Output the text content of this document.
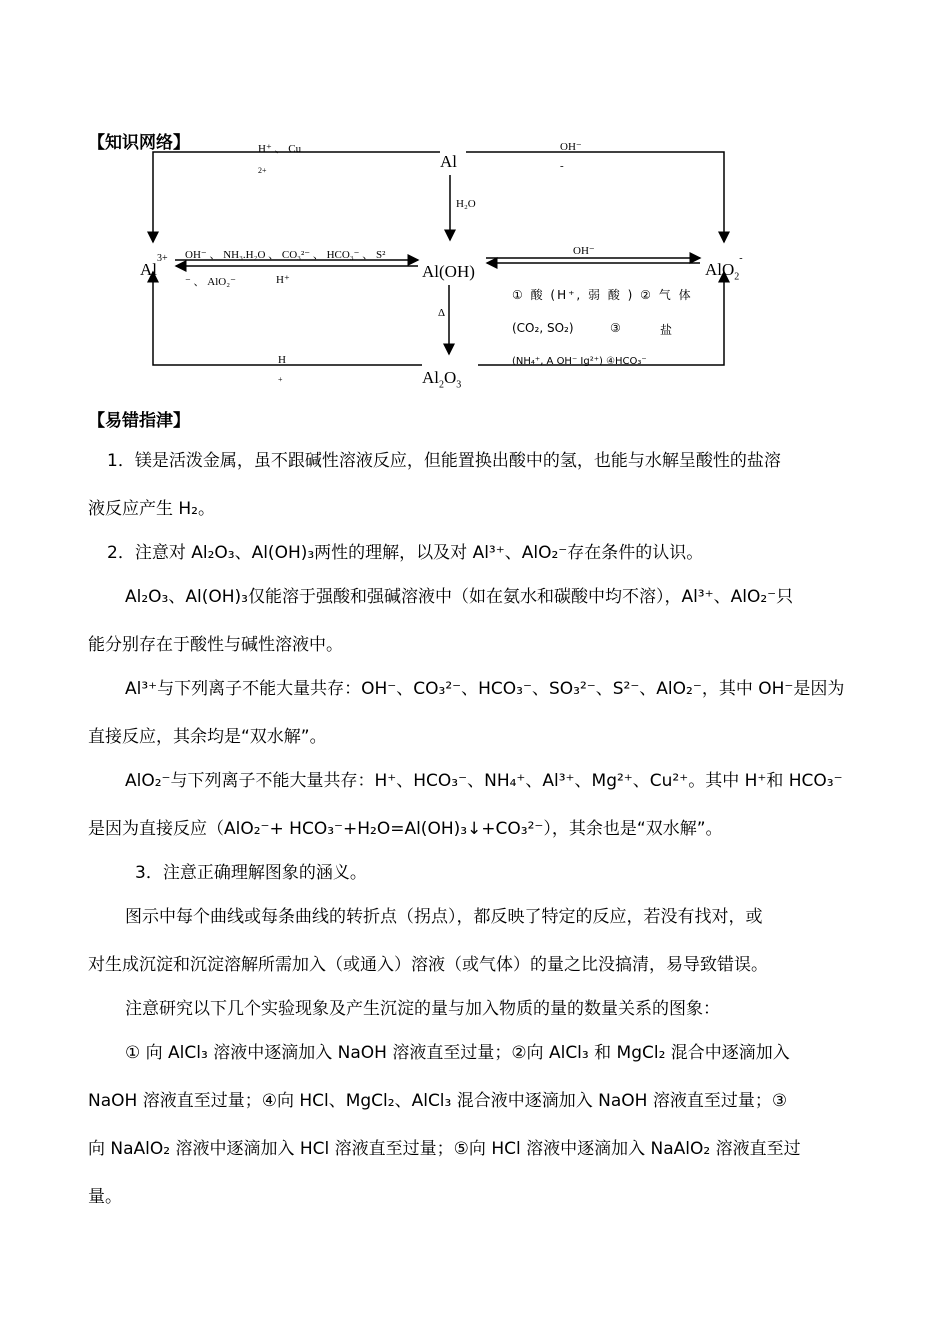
【知识网络】
Al
$Al^{3+}$
Al(OH)	AlO$_2$-
$Al_2O_3$
H⁺ 、 Cu
2+
OH⁻
-
H₂O
OH⁻ 、 NH₃.H₂O 、 CO₃²⁻ 、 HCO₃⁻ 、 S²
⁻ 、 AlO₂⁻	H⁺
OH⁻
Δ
① 酸 (H⁺, 弱 酸 ) ② 气 体
(CO₂, SO₂)	③	盐
(NH₄⁺, A OH⁻ Ig²⁺) ④HCO₃⁻
H
+
【易错指津】
1．镁是活泼金属，虽不跟碱性溶液反应，但能置换出酸中的氢，也能与水解呈酸性的盐溶
液反应产生 H₂。
2．注意对 Al₂O₃、Al(OH)₃两性的理解，以及对 Al³⁺、AlO₂⁻存在条件的认识。
Al₂O₃、Al(OH)₃仅能溶于强酸和强碱溶液中（如在氨水和碳酸中均不溶），Al³⁺、AlO₂⁻只
能分别存在于酸性与碱性溶液中。
Al³⁺与下列离子不能大量共存：OH⁻、CO₃²⁻、HCO₃⁻、SO₃²⁻、S²⁻、AlO₂⁻，其中 OH⁻是因为
直接反应，其余均是“双水解”。
AlO₂⁻与下列离子不能大量共存：H⁺、HCO₃⁻、NH₄⁺、Al³⁺、Mg²⁺、Cu²⁺。其中 H⁺和 HCO₃⁻
是因为直接反应（AlO₂⁻+ HCO₃⁻+H₂O=Al(OH)₃↓+CO₃²⁻），其余也是“双水解”。
3．注意正确理解图象的涵义。
图示中每个曲线或每条曲线的转折点（拐点），都反映了特定的反应，若没有找对，或
对生成沉淀和沉淀溶解所需加入（或通入）溶液（或气体）的量之比没搞清，易导致错误。
注意研究以下几个实验现象及产生沉淀的量与加入物质的量的数量关系的图象：
① 向 AlCl₃ 溶液中逐滴加入 NaOH 溶液直至过量；②向 AlCl₃ 和 MgCl₂ 混合中逐滴加入
NaOH 溶液直至过量；④向 HCl、MgCl₂、AlCl₃ 混合液中逐滴加入 NaOH 溶液直至过量；③
向 NaAlO₂ 溶液中逐滴加入 HCl 溶液直至过量；⑤向 HCl 溶液中逐滴加入 NaAlO₂ 溶液直至过
量。
